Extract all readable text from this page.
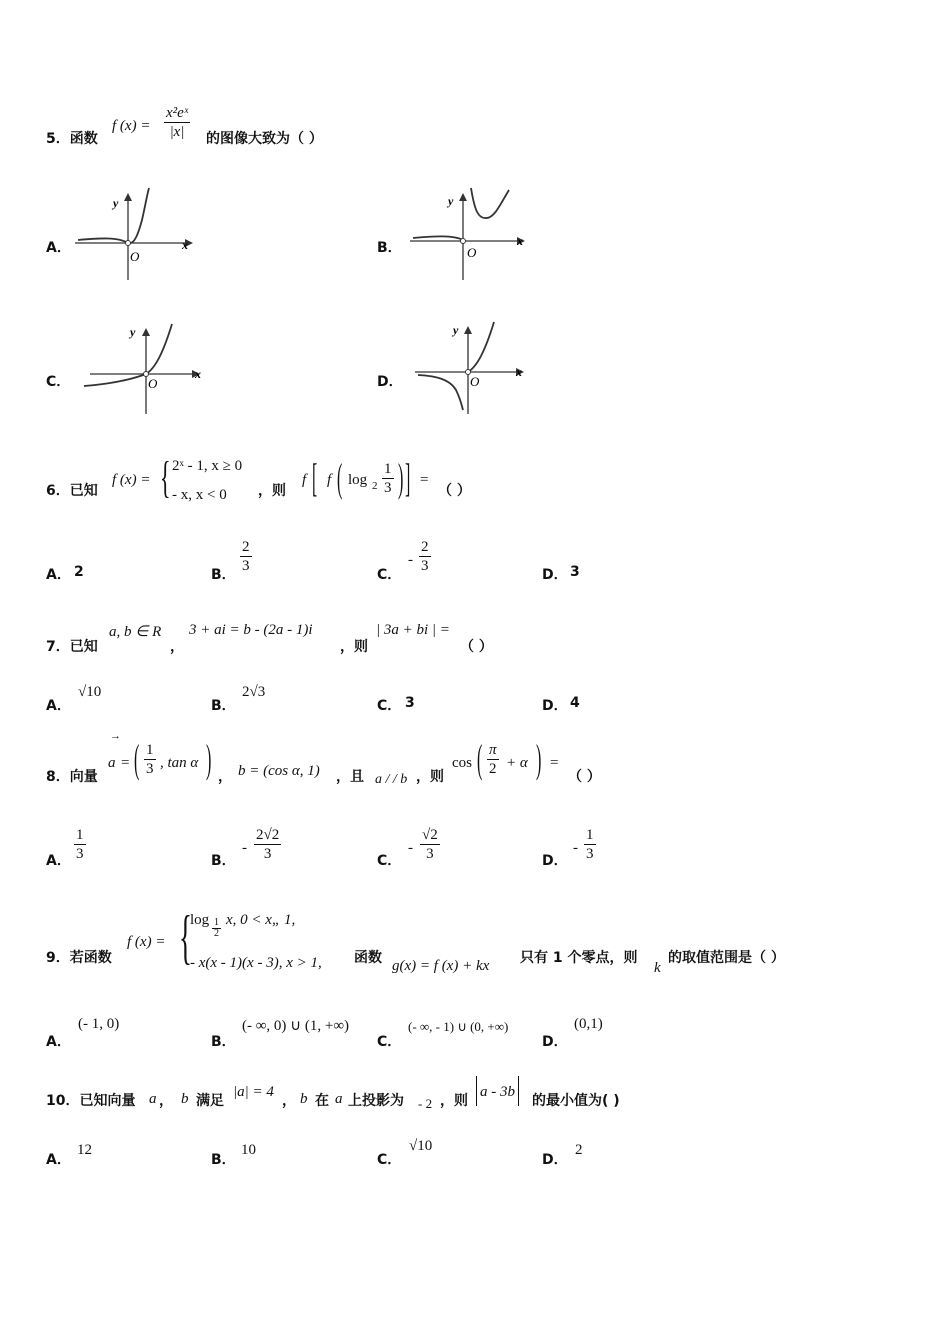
5．函数
f $(x) = \frac{\text{x²eˣ}}{|x|}$ 的图像大致为（ ）
A．	B．
C．	D．
y
x
O
y
x
O
y
x
O
y
x
O
6．已知
f (x) = { 2ˣ - 1, x ≥ 0
- x, x < 0 ，则
f [ f ( $\log 2 \frac{1}{3}$ ) ] =
（ ）
A． 2	B． $\frac{2}{3}$	C．
- $\frac{2}{3}$	D． 3
7．已知
a, b ∈ R
，
3 + ai = b - (2a - 1)i
，则
| 3a + bi | =
（ ）
A．
√10
B．
2√3
C． 3	D． 4
8．向量
→
a = ( $\frac{1}{3}$ , tan α ) ， b = (cos α, 1) ，且 a / / b ，则
cos ( $\frac{\pi}{2} + \alpha$ ) =
（ ）
A． $\frac{1}{3}$	B．
- $\frac{2√2}{3}$	C．
- $\frac{√2}{3}$	D．
- $\frac{1}{3}$
9．若函数
f (x) = {
$\log \frac{1}{2} x$, 0 < x„ 1,
- x(x - 1)(x - 3), x > 1, 函数 g(x) = f (x) + kx 只有 1 个零点，则
k
的取值范围是（ ）
A．
(- 1, 0)
B．
(- ∞, 0) ∪ (1, +∞)
C．
(- ∞, - 1) ∪ (0, +∞)
D．
(0,1)
10．已知向量 a ， b 满足
|a| = 4
， b 在 a 上投影为 - 2 ，则
a - 3b
的最小值为( )
A．
12
B．
10
C．
√10
D．
2
